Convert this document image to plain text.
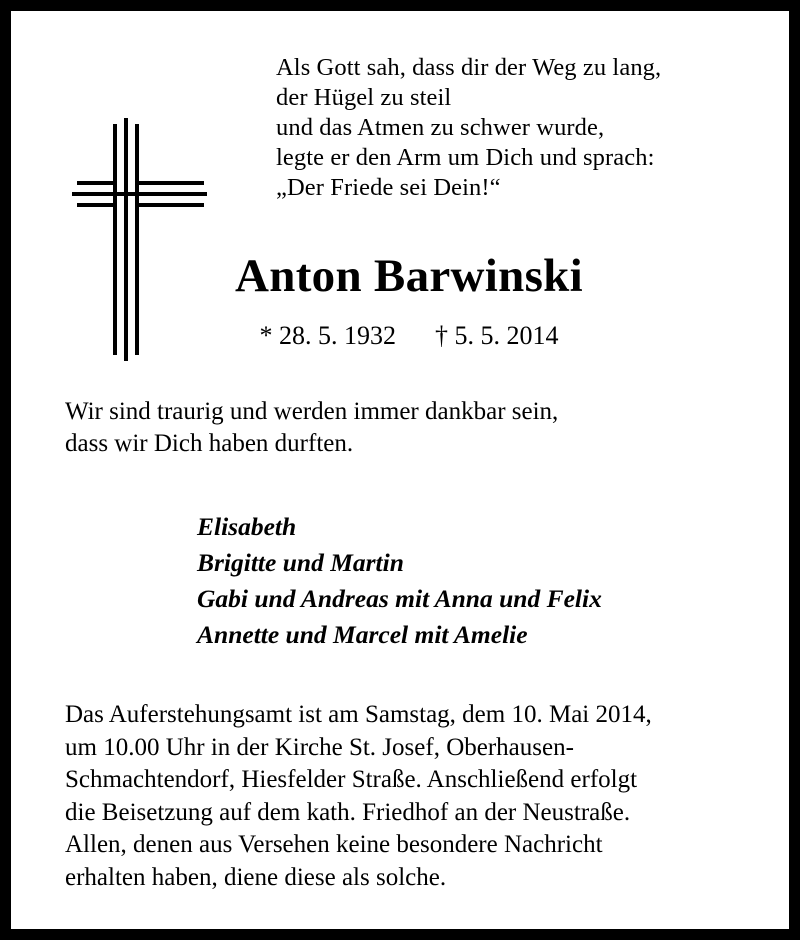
Als Gott sah, dass dir der Weg zu lang,
der Hügel zu steil
und das Atmen zu schwer wurde,
legte er den Arm um Dich und sprach:
„Der Friede sei Dein!“
Anton Barwinski
* 28. 5. 1932 † 5. 5. 2014
Wir sind traurig und werden immer dankbar sein,
dass wir Dich haben durften.
Elisabeth
Brigitte und Martin
Gabi und Andreas mit Anna und Felix
Annette und Marcel mit Amelie
Das Auferstehungsamt ist am Samstag, dem 10. Mai 2014,
um 10.00 Uhr in der Kirche St. Josef, Oberhausen-
Schmachtendorf, Hiesfelder Straße. Anschließend erfolgt
die Beisetzung auf dem kath. Friedhof an der Neustraße.
Allen, denen aus Versehen keine besondere Nachricht
erhalten haben, diene diese als solche.
